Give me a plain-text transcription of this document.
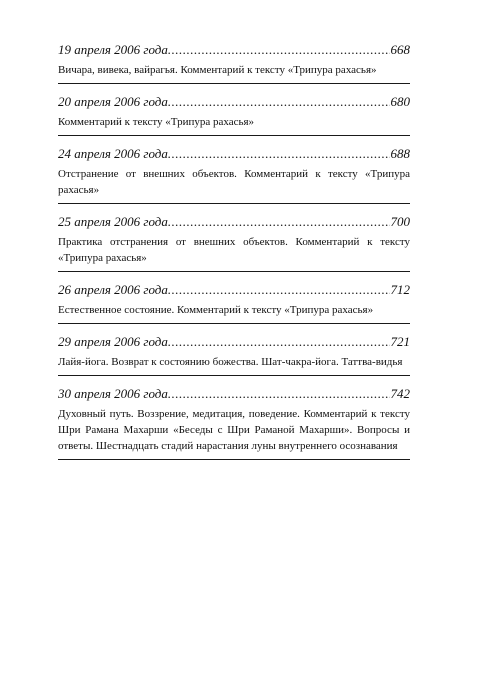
19 апреля 2006 года .....	668
Вичара, вивека, вайрагья. Комментарий к тексту «Трипура рахасья»
20 апреля 2006 года .....	680
Комментарий к тексту «Трипура рахасья»
24 апреля 2006 года .....	688
Отстранение от внешних объектов. Комментарий к тексту «Трипура рахасья»
25 апреля 2006 года .....	700
Практика отстранения от внешних объектов. Комментарий к тексту «Трипура рахасья»
26 апреля 2006 года .....	712
Естественное состояние. Комментарий к тексту «Трипура рахасья»
29 апреля 2006 года .....	721
Лайя-йога. Возврат к состоянию божества. Шат-чакра-йога. Таттва-видья
30 апреля 2006 года .....	742
Духовный путь. Воззрение, медитация, поведение. Комментарий к тексту Шри Рамана Махарши «Беседы с Шри Раманой Махарши». Вопросы и ответы. Шестнадцать стадий нарастания луны внутреннего осознавания
